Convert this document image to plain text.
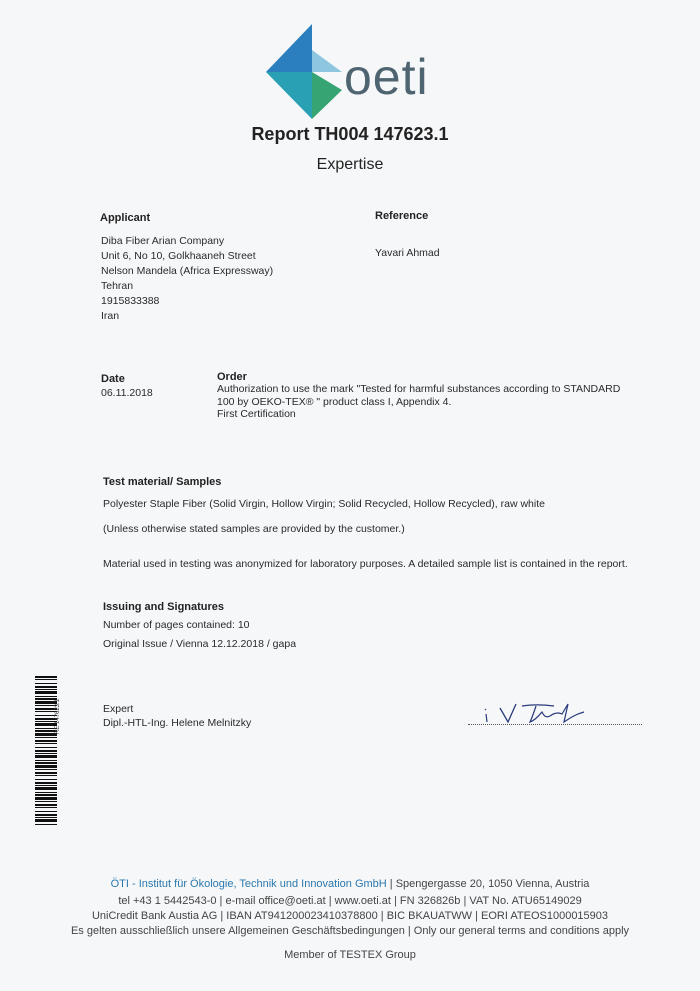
oeti
Report TH004 147623.1
Expertise
Applicant
Diba Fiber Arian Company
Unit 6, No 10, Golkhaaneh Street
Nelson Mandela (Africa Expressway)
Tehran
1915833388
Iran
Reference
Yavari Ahmad
Date
06.11.2018
Order
Authorization to use the mark "Tested for harmful substances according to STANDARD
100 by OEKO-TEX® " product class I, Appendix 4.
First Certification
Test material/ Samples
Polyester Staple Fiber (Solid Virgin, Hollow Virgin; Solid Recycled, Hollow Recycled), raw white
(Unless otherwise stated samples are provided by the customer.)
Material used in testing was anonymized for laboratory purposes. A detailed sample list is contained in the report.
Issuing and Signatures
Number of pages contained: 10
Original Issue / Vienna 12.12.2018 / gapa
RE 147623.1	Expert
Dipl.-HTL-Ing. Helene Melnitzky
ÖTI - Institut für Ökologie, Technik und Innovation GmbH | Spengergasse 20, 1050 Vienna, Austria
tel +43 1 5442543-0 | e-mail office@oeti.at | www.oeti.at | FN 326826b | VAT No. ATU65149029
UniCredit Bank Austia AG | IBAN AT941200023410378800 | BIC BKAUATWW | EORI ATEOS1000015903
Es gelten ausschließlich unsere Allgemeinen Geschäftsbedingungen | Only our general terms and conditions apply
Member of TESTEX Group
